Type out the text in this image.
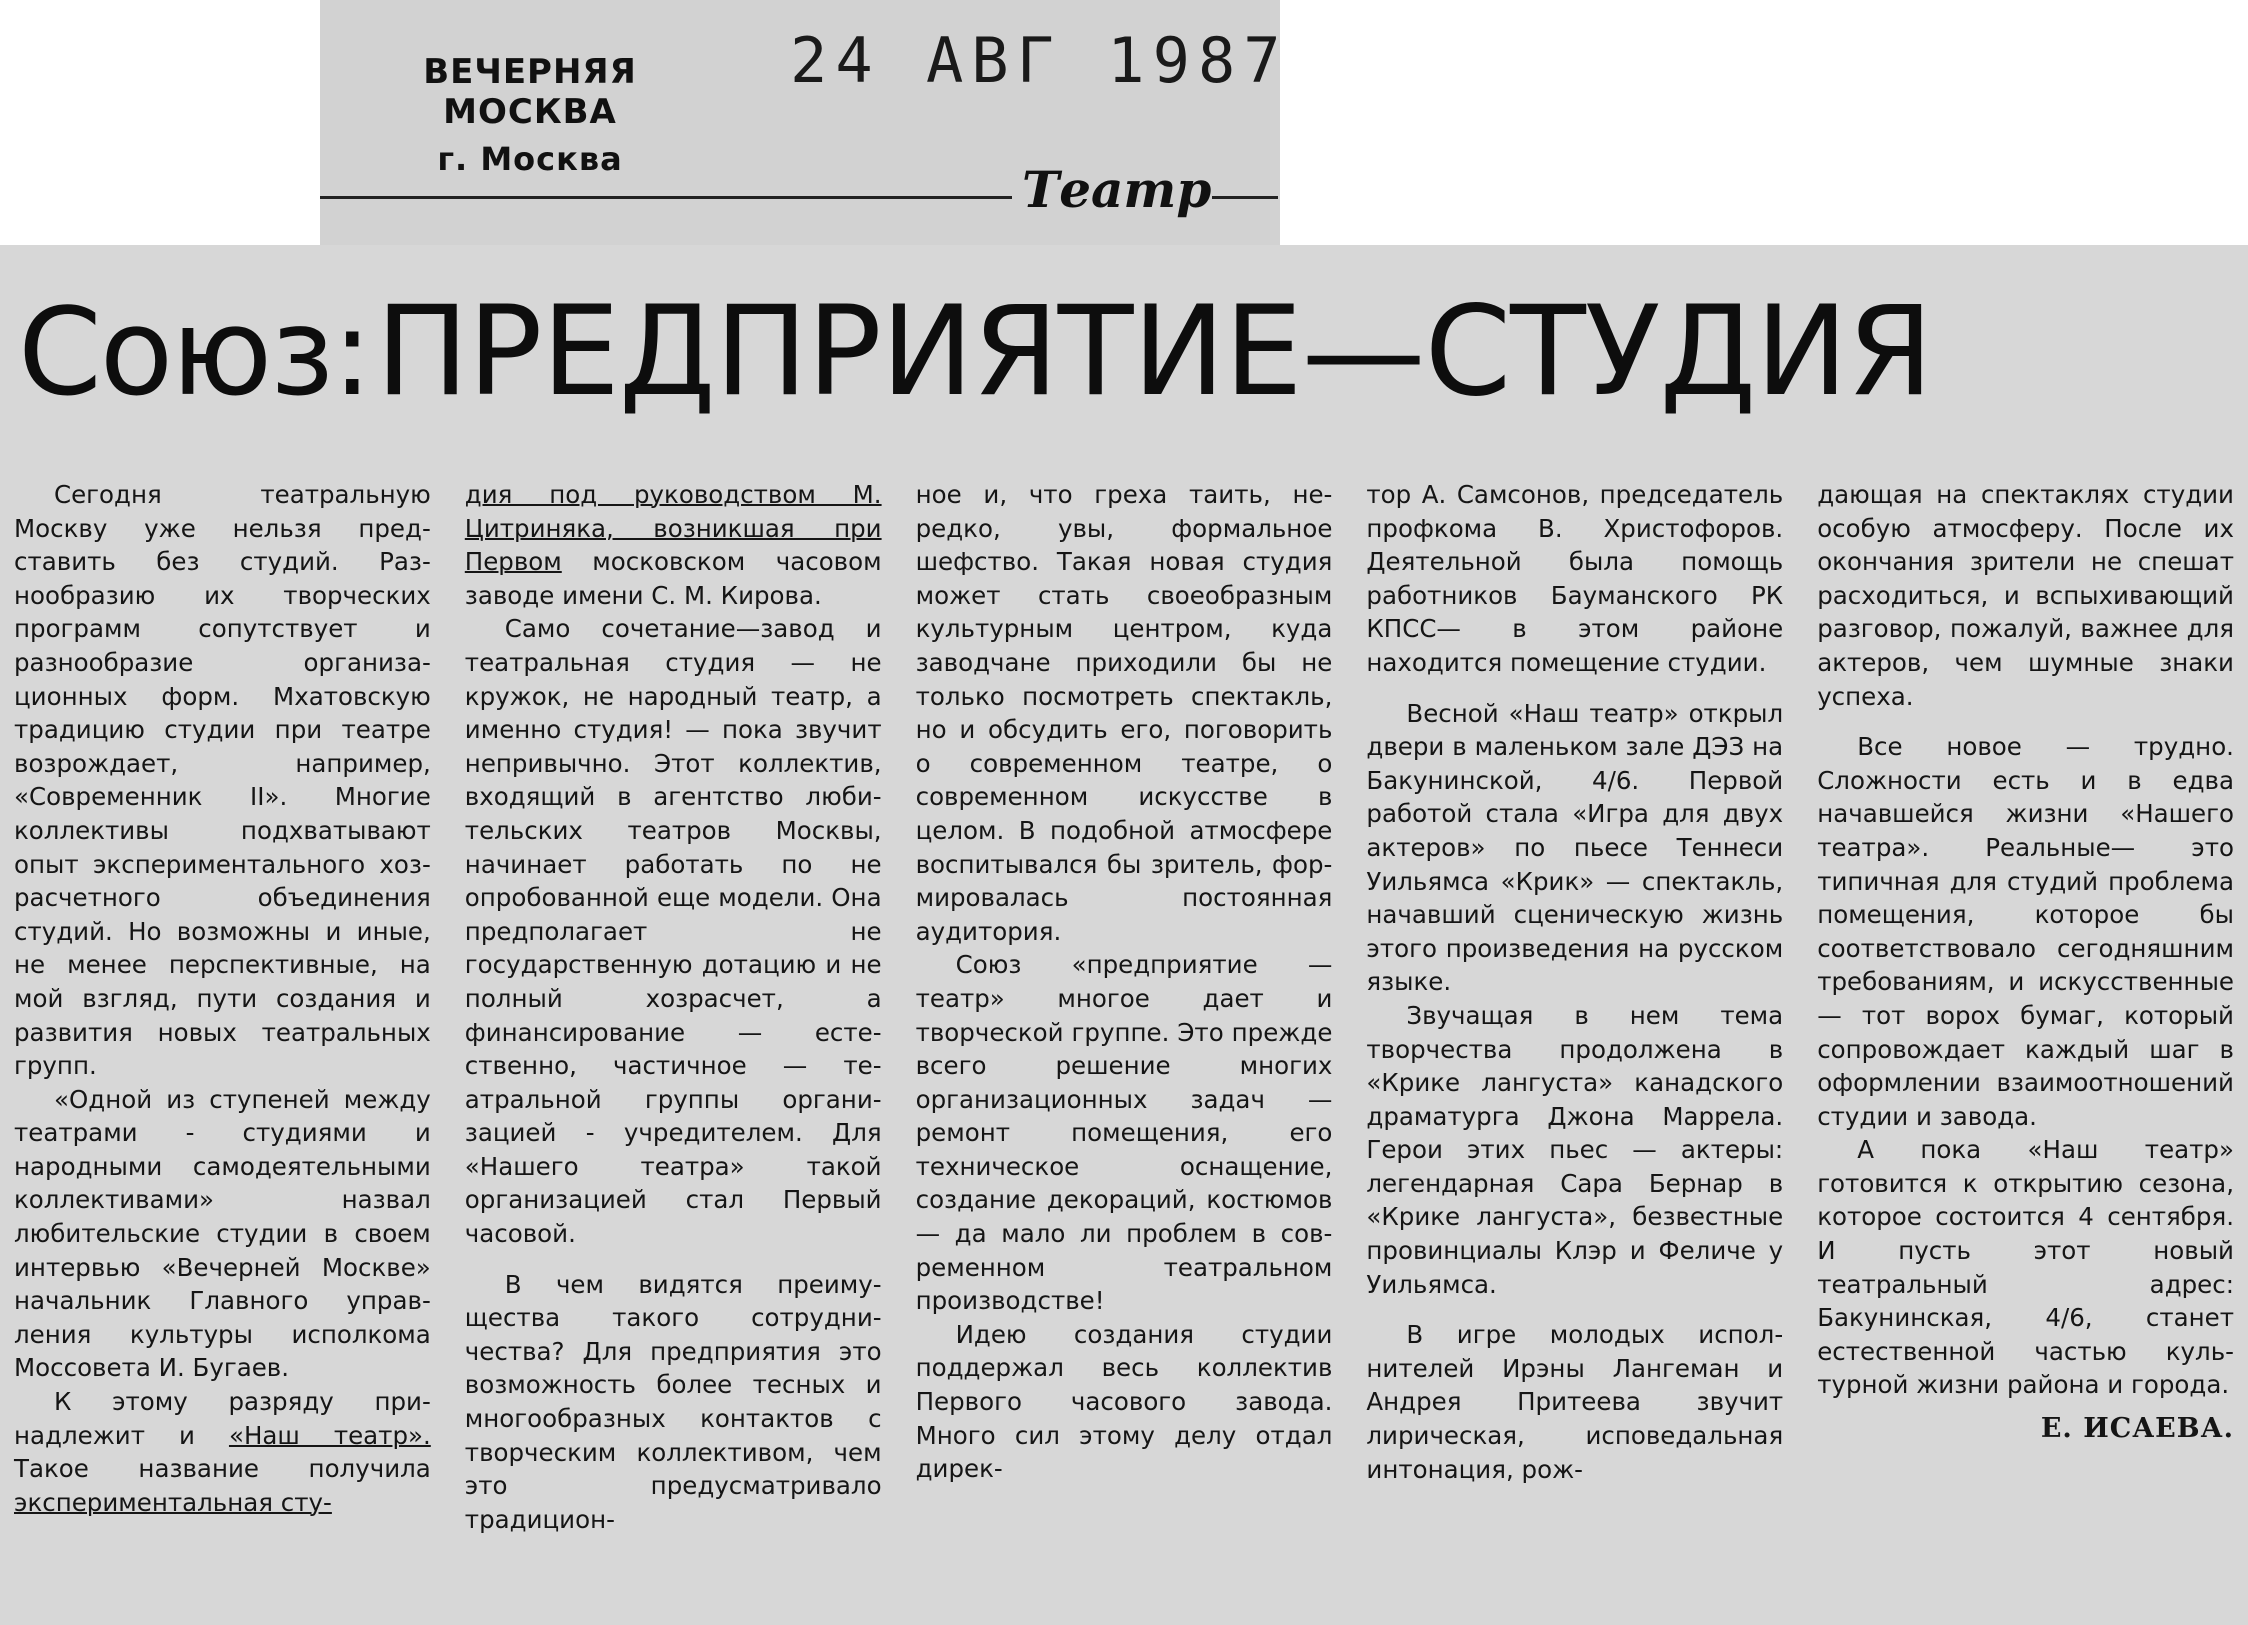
ВЕЧЕРНЯЯ МОСКВА
г. Москва
24 АВГ 1987
Театр
Союз: ПРЕДПРИЯТИЕ—СТУДИЯ

Сегодня театральную Москву уже нельзя представить без студий. Разнообразию их творческих программ сопутствует и разнообразие организационных форм. Мхатовскую традицию студии при театре возрождает, например, «Современник II». Многие коллективы подхватывают опыт экспериментального хозрасчетного объединения студий. Но возможны и иные, не менее перспективные, на мой взгляд, пути создания и развития новых театральных групп.

«Одной из ступеней между театрами - студиями и народными самодеятельными коллективами» назвал любительские студии в своем интервью «Вечерней Москве» начальник Главного управления культуры исполкома Моссовета И. Бугаев.

К этому разряду принадлежит и «Наш театр». Такое название получила экспериментальная сту-

дия под руководством М. Цитриняка, возникшая при Первом московском часовом заводе имени С. М. Кирова.

Само сочетание—завод и театральная студия — не кружок, не народный театр, а именно студия! — пока звучит непривычно. Этот коллектив, входящий в агентство любительских театров Москвы, начинает работать по не опробованной еще модели. Она предполагает не государственную дотацию и не полный хозрасчет, а финансирование — естественно, частичное — театральной группы организацией - учредителем. Для «Нашего театра» такой организацией стал Первый часовой.

В чем видятся преимущества такого сотрудничества? Для предприятия это возможность более тесных и многообразных контактов с творческим коллективом, чем это предусматривало традицион-

ное и, что греха таить, нередко, увы, формальное шефство. Такая новая студия может стать своеобразным культурным центром, куда заводчане приходили бы не только посмотреть спектакль, но и обсудить его, поговорить о современном театре, о современном искусстве в целом. В подобной атмосфере воспитывался бы зритель, формировалась постоянная аудитория.

Союз «предприятие — театр» многое дает и творческой группе. Это прежде всего решение многих организационных задач — ремонт помещения, его техническое оснащение, создание декораций, костюмов — да мало ли проблем в современном театральном производстве!

Идею создания студии поддержал весь коллектив Первого часового завода. Много сил этому делу отдал дирек-

тор А. Самсонов, председатель профкома В. Христофоров. Деятельной была помощь работников Бауманского РК КПСС— в этом районе находится помещение студии.

Весной «Наш театр» открыл двери в маленьком зале ДЭЗ на Бакунинской, 4/6. Первой работой стала «Игра для двух актеров» по пьесе Теннеси Уильямса «Крик» — спектакль, начавший сценическую жизнь этого произведения на русском языке.

Звучащая в нем тема творчества продолжена в «Крике лангуста» канадского драматурга Джона Маррела. Герои этих пьес — актеры: легендарная Сара Бернар в «Крике лангуста», безвестные провинциалы Клэр и Феличе у Уильямса.

В игре молодых исполнителей Ирэны Лангеман и Андрея Притеева звучит лирическая, исповедальная интонация, рож-

дающая на спектаклях студии особую атмосферу. После их окончания зрители не спешат расходиться, и вспыхивающий разговор, пожалуй, важнее для актеров, чем шумные знаки успеха.

Все новое — трудно. Сложности есть и в едва начавшейся жизни «Нашего театра». Реальные— это типичная для студий проблема помещения, которое бы соответствовало сегодняшним требованиям, и искусственные — тот ворох бумаг, который сопровождает каждый шаг в оформлении взаимоотношений студии и завода.

А пока «Наш театр» готовится к открытию сезона, которое состоится 4 сентября. И пусть этот новый театральный адрес: Бакунинская, 4/6, станет естественной частью культурной жизни района и города.

Е. ИСАЕВА.
